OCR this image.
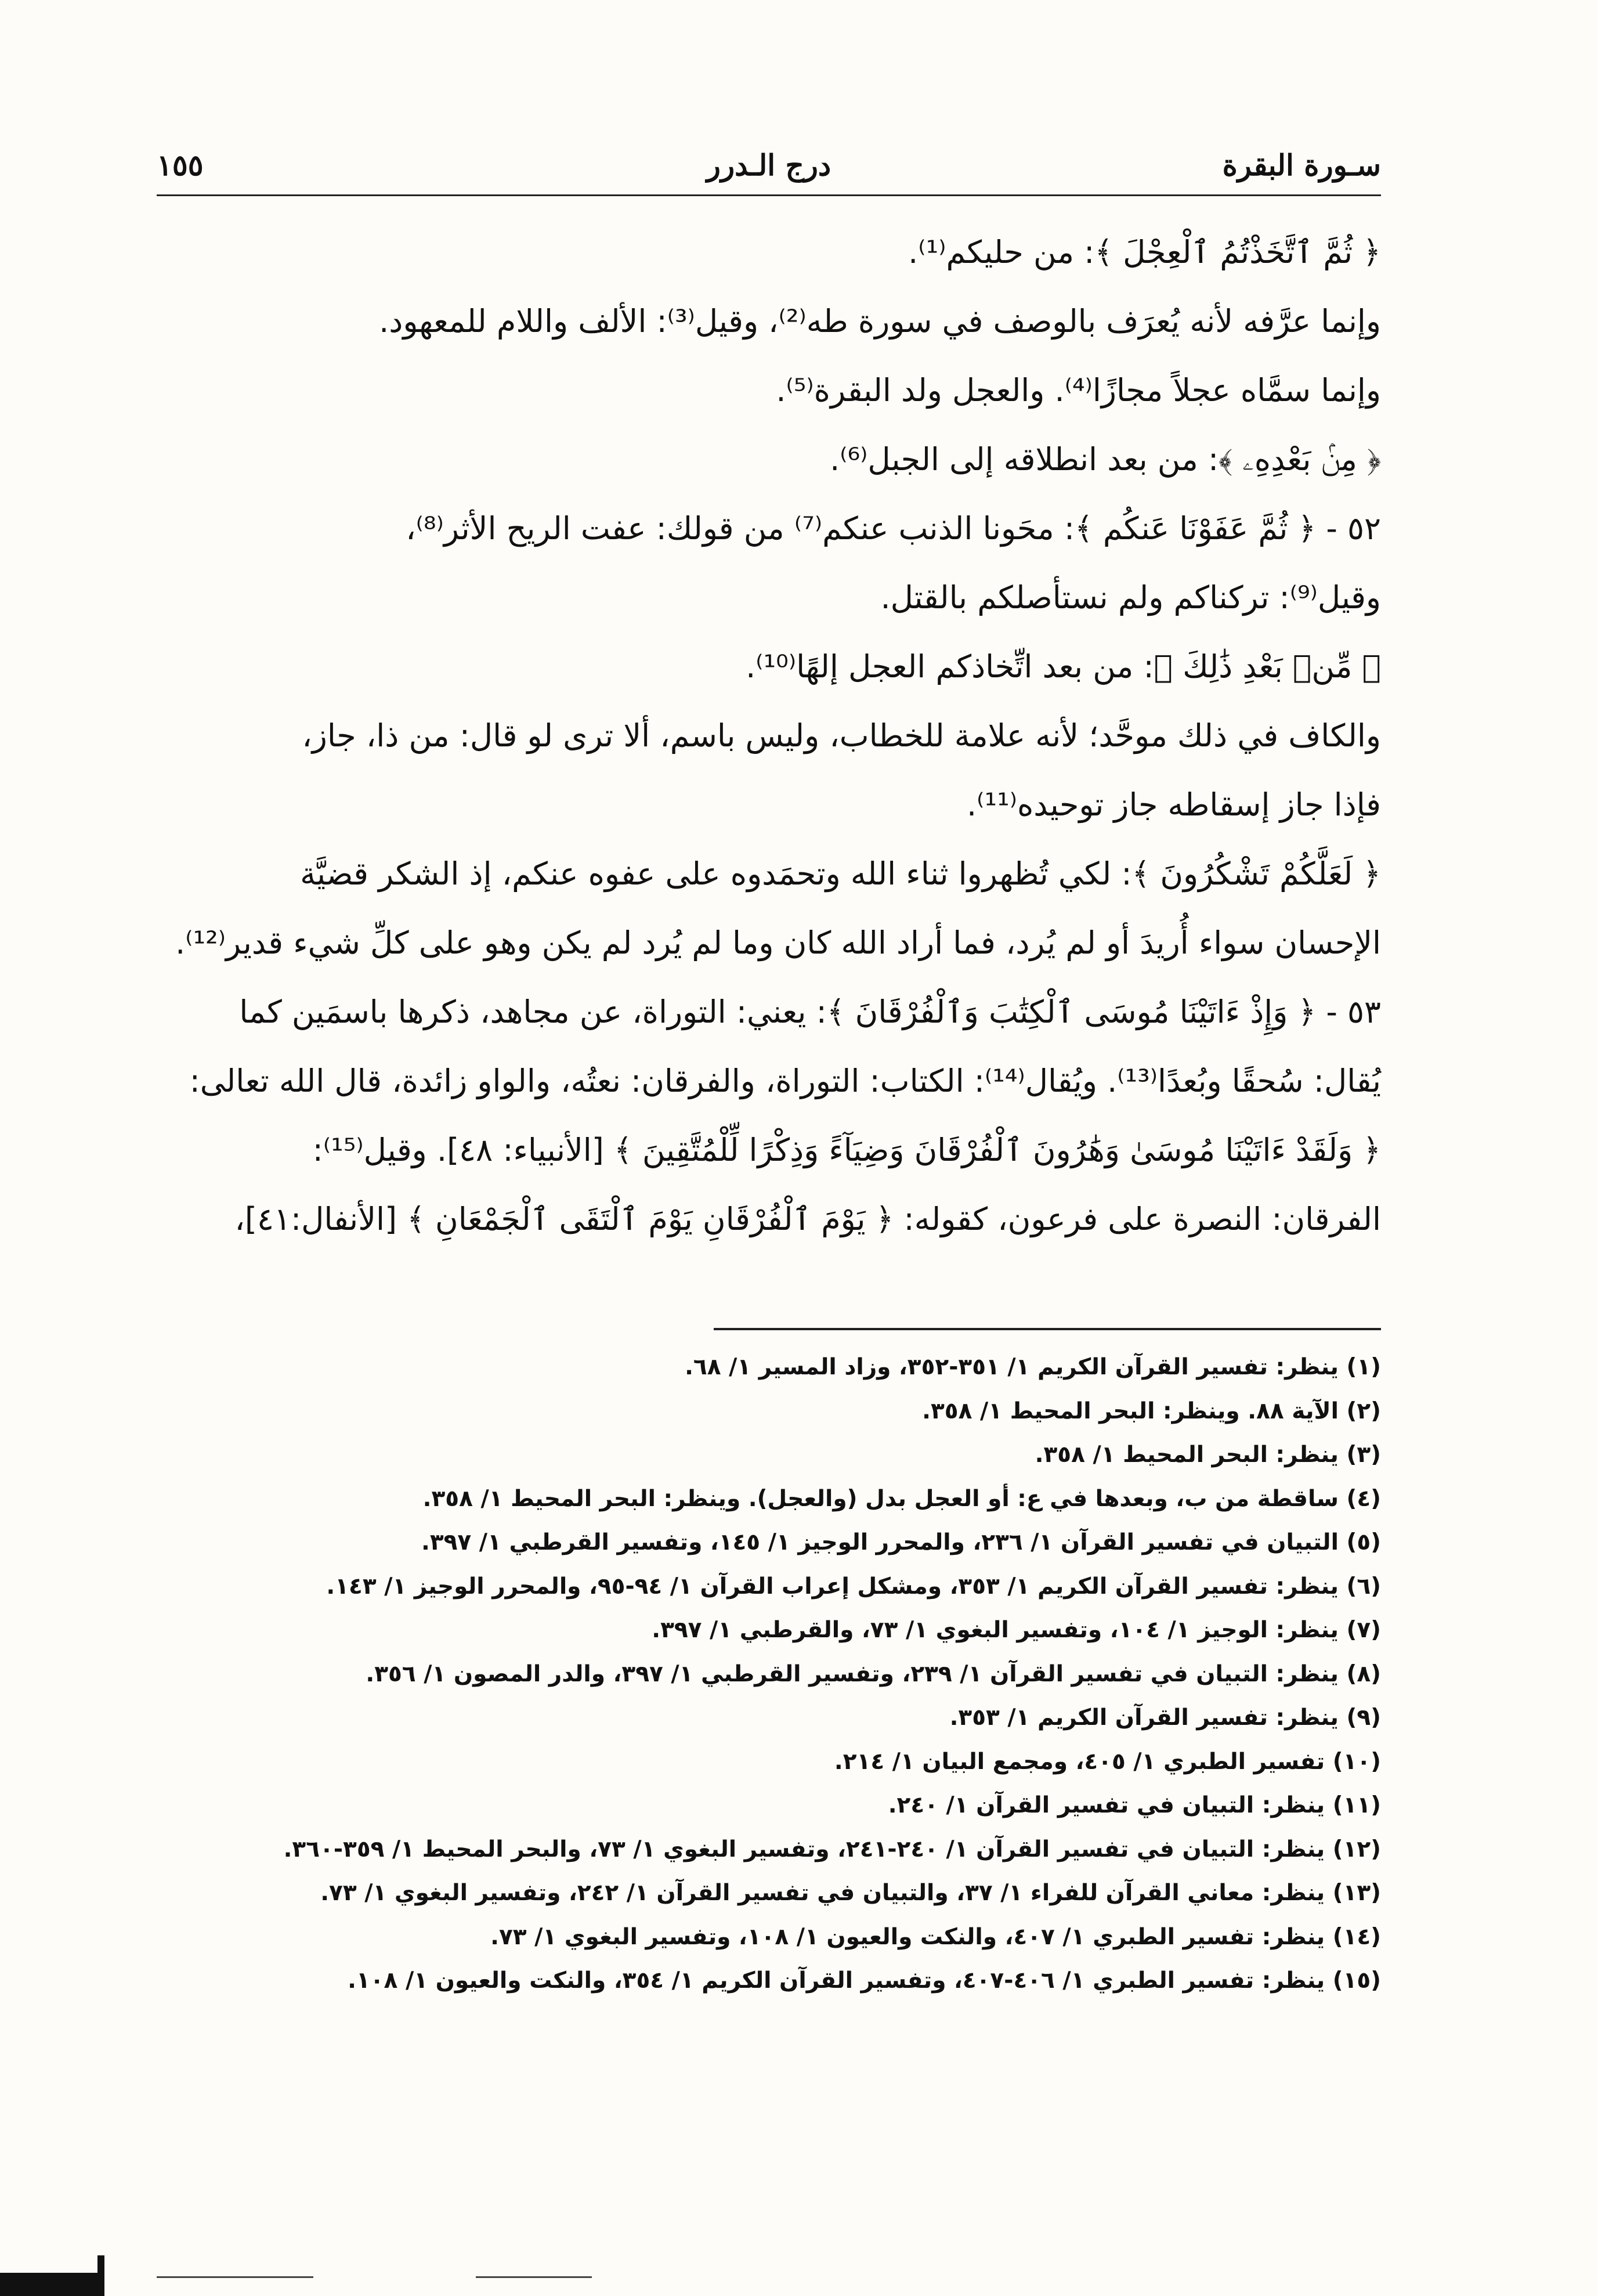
سـورة البقرة
درج الـدرر
١٥٥

﴿ ثُمَّ ٱتَّخَذْتُمُ ٱلْعِجْلَ ﴾: من حليكم⁽¹⁾.

وإنما عرَّفه لأنه يُعرَف بالوصف في سورة طه⁽²⁾، وقيل⁽³⁾: الألف واللام للمعهود.

وإنما سمَّاه عجلاً مجازًا⁽⁴⁾. والعجل ولد البقرة⁽⁵⁾.

﴿ مِنۢ بَعْدِهِۦ ﴾: من بعد انطلاقه إلى الجبل⁽⁶⁾.

٥٢ - ﴿ ثُمَّ عَفَوْنَا عَنكُم ﴾: محَونا الذنب عنكم⁽⁷⁾ من قولك: عفت الريح الأثر⁽⁸⁾،

وقيل⁽⁹⁾: تركناكم ولم نستأصلكم بالقتل.

﴿ مِّنۢ بَعْدِ ذَٰلِكَ ﴾: من بعد اتِّخاذكم العجل إلهًا⁽¹⁰⁾.

والكاف في ذلك موحَّد؛ لأنه علامة للخطاب، وليس باسم، ألا ترى لو قال: من ذا، جاز،

فإذا جاز إسقاطه جاز توحيده⁽¹¹⁾.

﴿ لَعَلَّكُمْ تَشْكُرُونَ ﴾: لكي تُظهروا ثناء الله وتحمَدوه على عفوه عنكم، إذ الشكر قضيَّة

الإحسان سواء أُريدَ أو لم يُرد، فما أراد الله كان وما لم يُرد لم يكن وهو على كلِّ شيء قدير⁽¹²⁾.

٥٣ - ﴿ وَإِذْ ءَاتَيْنَا مُوسَى ٱلْكِتَٰبَ وَٱلْفُرْقَانَ ﴾: يعني: التوراة، عن مجاهد، ذكرها باسمَين كما

يُقال: سُحقًا وبُعدًا⁽¹³⁾. ويُقال⁽¹⁴⁾: الكتاب: التوراة، والفرقان: نعتُه، والواو زائدة، قال الله تعالى:

﴿ وَلَقَدْ ءَاتَيْنَا مُوسَىٰ وَهَٰرُونَ ٱلْفُرْقَانَ وَضِيَآءً وَذِكْرًا لِّلْمُتَّقِينَ ﴾ [الأنبياء: ٤٨]. وقيل⁽¹⁵⁾:

الفرقان: النصرة على فرعون، كقوله: ﴿ يَوْمَ ٱلْفُرْقَانِ يَوْمَ ٱلْتَقَى ٱلْجَمْعَانِ ﴾ [الأنفال:٤١]،

(١) ينظر: تفسير القرآن الكريم ١/ ٣٥١-٣٥٢، وزاد المسير ١/ ٦٨.
(٢) الآية ٨٨. وينظر: البحر المحيط ١/ ٣٥٨.
(٣) ينظر: البحر المحيط ١/ ٣٥٨.
(٤) ساقطة من ب، وبعدها في ع: أو العجل بدل (والعجل). وينظر: البحر المحيط ١/ ٣٥٨.
(٥) التبيان في تفسير القرآن ١/ ٢٣٦، والمحرر الوجيز ١/ ١٤٥، وتفسير القرطبي ١/ ٣٩٧.
(٦) ينظر: تفسير القرآن الكريم ١/ ٣٥٣، ومشكل إعراب القرآن ١/ ٩٤-٩٥، والمحرر الوجيز ١/ ١٤٣.
(٧) ينظر: الوجيز ١/ ١٠٤، وتفسير البغوي ١/ ٧٣، والقرطبي ١/ ٣٩٧.
(٨) ينظر: التبيان في تفسير القرآن ١/ ٢٣٩، وتفسير القرطبي ١/ ٣٩٧، والدر المصون ١/ ٣٥٦.
(٩) ينظر: تفسير القرآن الكريم ١/ ٣٥٣.
(١٠) تفسير الطبري ١/ ٤٠٥، ومجمع البيان ١/ ٢١٤.
(١١) ينظر: التبيان في تفسير القرآن ١/ ٢٤٠.
(١٢) ينظر: التبيان في تفسير القرآن ١/ ٢٤٠-٢٤١، وتفسير البغوي ١/ ٧٣، والبحر المحيط ١/ ٣٥٩-٣٦٠.
(١٣) ينظر: معاني القرآن للفراء ١/ ٣٧، والتبيان في تفسير القرآن ١/ ٢٤٢، وتفسير البغوي ١/ ٧٣.
(١٤) ينظر: تفسير الطبري ١/ ٤٠٧، والنكت والعيون ١/ ١٠٨، وتفسير البغوي ١/ ٧٣.
(١٥) ينظر: تفسير الطبري ١/ ٤٠٦-٤٠٧، وتفسير القرآن الكريم ١/ ٣٥٤، والنكت والعيون ١/ ١٠٨.
